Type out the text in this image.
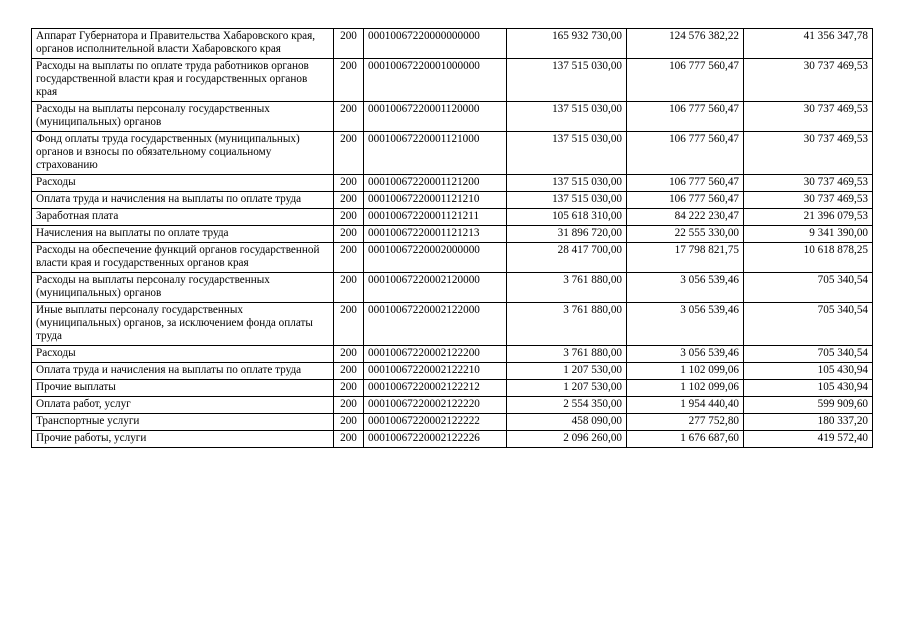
Аппарат Губернатора и Правительства Хабаровского края, органов исполнительной власти Хабаровского края	200	00010067220000000000	165 932 730,00	124 576 382,22	41 356 347,78
Расходы на выплаты по оплате труда работников органов государственной власти края и государственных органов края	200	00010067220001000000	137 515 030,00	106 777 560,47	30 737 469,53
Расходы на выплаты персоналу государственных (муниципальных) органов	200	00010067220001120000	137 515 030,00	106 777 560,47	30 737 469,53
Фонд оплаты труда государственных (муниципальных) органов и взносы по обязательному социальному страхованию	200	00010067220001121000	137 515 030,00	106 777 560,47	30 737 469,53
Расходы	200	00010067220001121200	137 515 030,00	106 777 560,47	30 737 469,53
Оплата труда и начисления на выплаты по оплате труда	200	00010067220001121210	137 515 030,00	106 777 560,47	30 737 469,53
Заработная плата	200	00010067220001121211	105 618 310,00	84 222 230,47	21 396 079,53
Начисления на выплаты по оплате труда	200	00010067220001121213	31 896 720,00	22 555 330,00	9 341 390,00
Расходы на обеспечение функций органов государственной власти края и государственных органов края	200	00010067220002000000	28 417 700,00	17 798 821,75	10 618 878,25
Расходы на выплаты персоналу государственных (муниципальных) органов	200	00010067220002120000	3 761 880,00	3 056 539,46	705 340,54
Иные выплаты персоналу государственных (муниципальных) органов, за исключением фонда оплаты труда	200	00010067220002122000	3 761 880,00	3 056 539,46	705 340,54
Расходы	200	00010067220002122200	3 761 880,00	3 056 539,46	705 340,54
Оплата труда и начисления на выплаты по оплате труда	200	00010067220002122210	1 207 530,00	1 102 099,06	105 430,94
Прочие выплаты	200	00010067220002122212	1 207 530,00	1 102 099,06	105 430,94
Оплата работ, услуг	200	00010067220002122220	2 554 350,00	1 954 440,40	599 909,60
Транспортные услуги	200	00010067220002122222	458 090,00	277 752,80	180 337,20
Прочие работы, услуги	200	00010067220002122226	2 096 260,00	1 676 687,60	419 572,40
